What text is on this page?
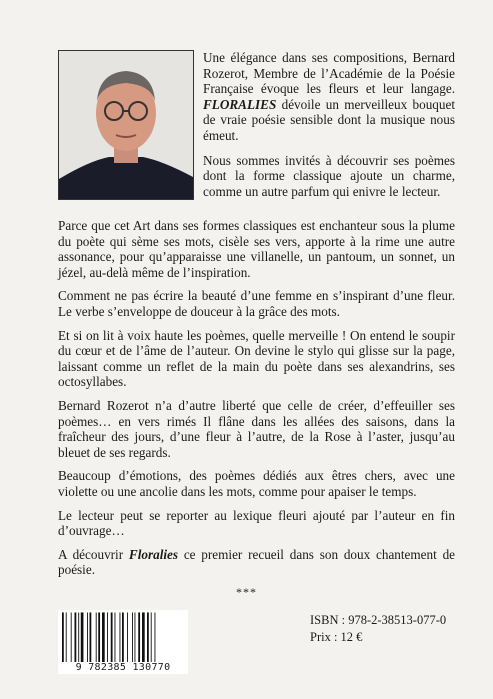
Une élégance dans ses compositions, Bernard Rozerot, Membre de l’Académie de la Poésie Française évoque les fleurs et leur langage. FLORALIES dévoile un merveilleux bouquet de vraie poésie sensible dont la musique nous émeut.

Nous sommes invités à découvrir ses poèmes dont la forme classique ajoute un charme, comme un autre parfum qui enivre le lecteur.

Parce que cet Art dans ses formes classiques est enchanteur sous la plume du poète qui sème ses mots, cisèle ses vers, apporte à la rime une autre assonance, pour qu’apparaisse une villanelle, un pantoum, un sonnet, un jézel, au-delà même de l’inspiration.

Comment ne pas écrire la beauté d’une femme en s’inspirant d’une fleur. Le verbe s’enveloppe de douceur à la grâce des mots.

Et si on lit à voix haute les poèmes, quelle merveille ! On entend le soupir du cœur et de l’âme de l’auteur. On devine le stylo qui glisse sur la page, laissant comme un reflet de la main du poète dans ses alexandrins, ses octosyllabes.

Bernard Rozerot n’a d’autre liberté que celle de créer, d’effeuiller ses poèmes… en vers rimés Il flâne dans les allées des saisons, dans la fraîcheur des jours, d’une fleur à l’autre, de la Rose à l’aster, jusqu’au bleuet de ses regards.

Beaucoup d’émotions, des poèmes dédiés aux êtres chers, avec une violette ou une ancolie dans les mots, comme pour apaiser le temps.

Le lecteur peut se reporter au lexique fleuri ajouté par l’auteur en fin d’ouvrage…

A découvrir Floralies ce premier recueil dans son doux chantement de poésie.

***
9 782385 130770
ISBN : 978-2-38513-077-0
Prix : 12 €
